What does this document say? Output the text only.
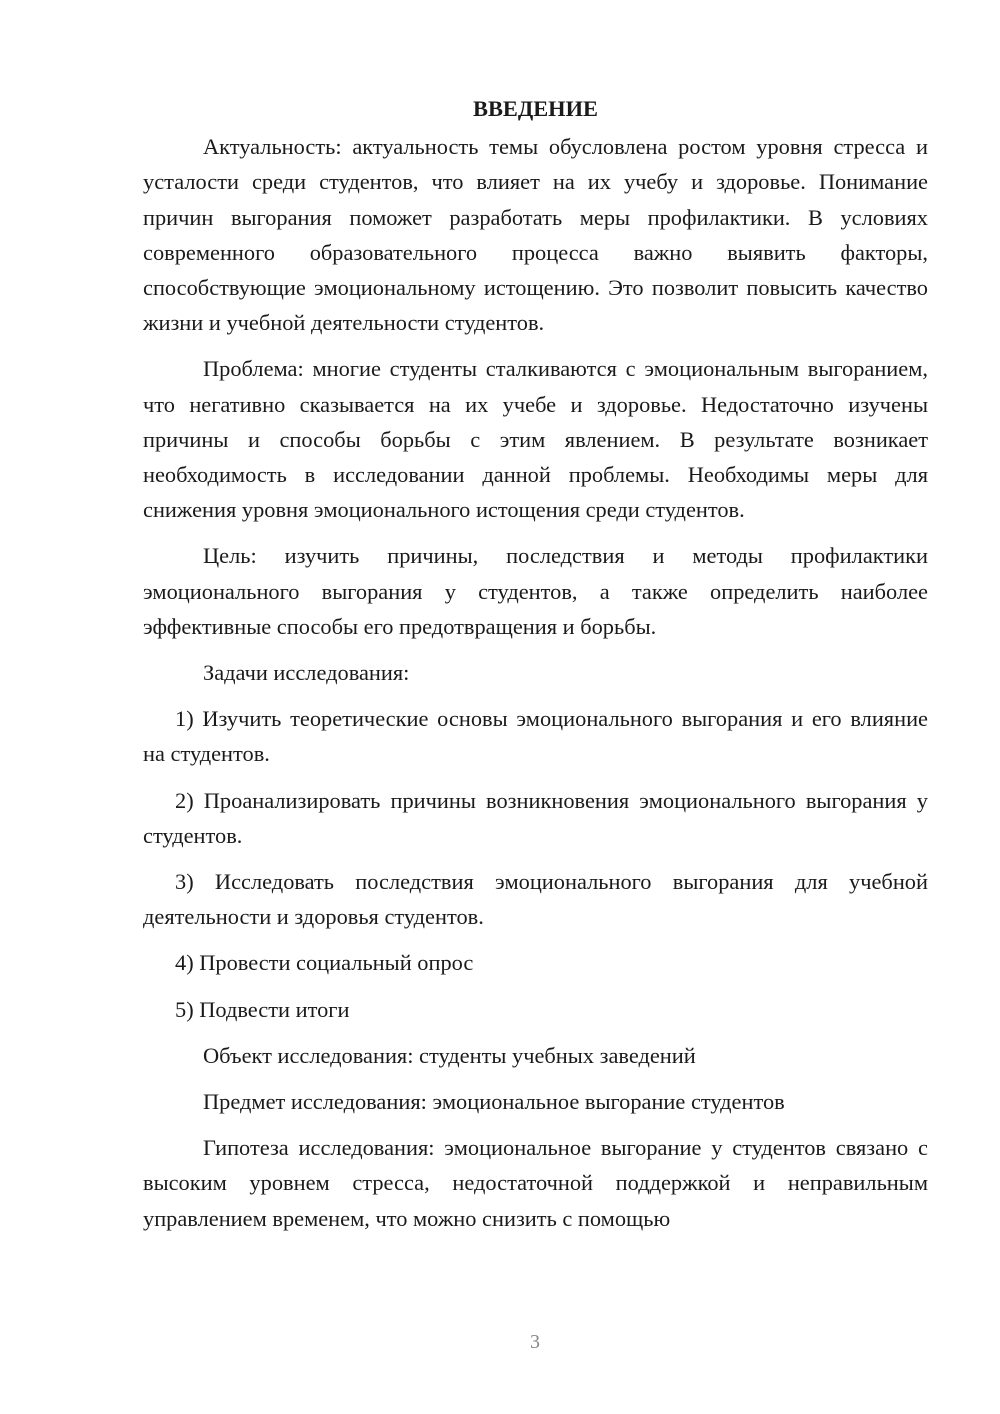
ВВЕДЕНИЕ

Актуальность: актуальность темы обусловлена ростом уровня стресса и усталости среди студентов, что влияет на их учебу и здоровье. Понимание причин выгорания поможет разработать меры профилактики. В условиях современного образовательного процесса важно выявить факторы, способствующие эмоциональному истощению. Это позволит повысить качество жизни и учебной деятельности студентов.

Проблема: многие студенты сталкиваются с эмоциональным выгоранием, что негативно сказывается на их учебе и здоровье. Недостаточно изучены причины и способы борьбы с этим явлением. В результате возникает необходимость в исследовании данной проблемы. Необходимы меры для снижения уровня эмоционального истощения среди студентов.

Цель: изучить причины, последствия и методы профилактики эмоционального выгорания у студентов, а также определить наиболее эффективные способы его предотвращения и борьбы.

Задачи исследования:

1) Изучить теоретические основы эмоционального выгорания и его влияние на студентов.

2) Проанализировать причины возникновения эмоционального выгорания у студентов.

3) Исследовать последствия эмоционального выгорания для учебной деятельности и здоровья студентов.

4) Провести социальный опрос

5) Подвести итоги

Объект исследования: студенты учебных заведений

Предмет исследования: эмоциональное выгорание студентов

Гипотеза исследования: эмоциональное выгорание у студентов связано с высоким уровнем стресса, недостаточной поддержкой и неправильным управлением временем, что можно снизить с помощью

3
